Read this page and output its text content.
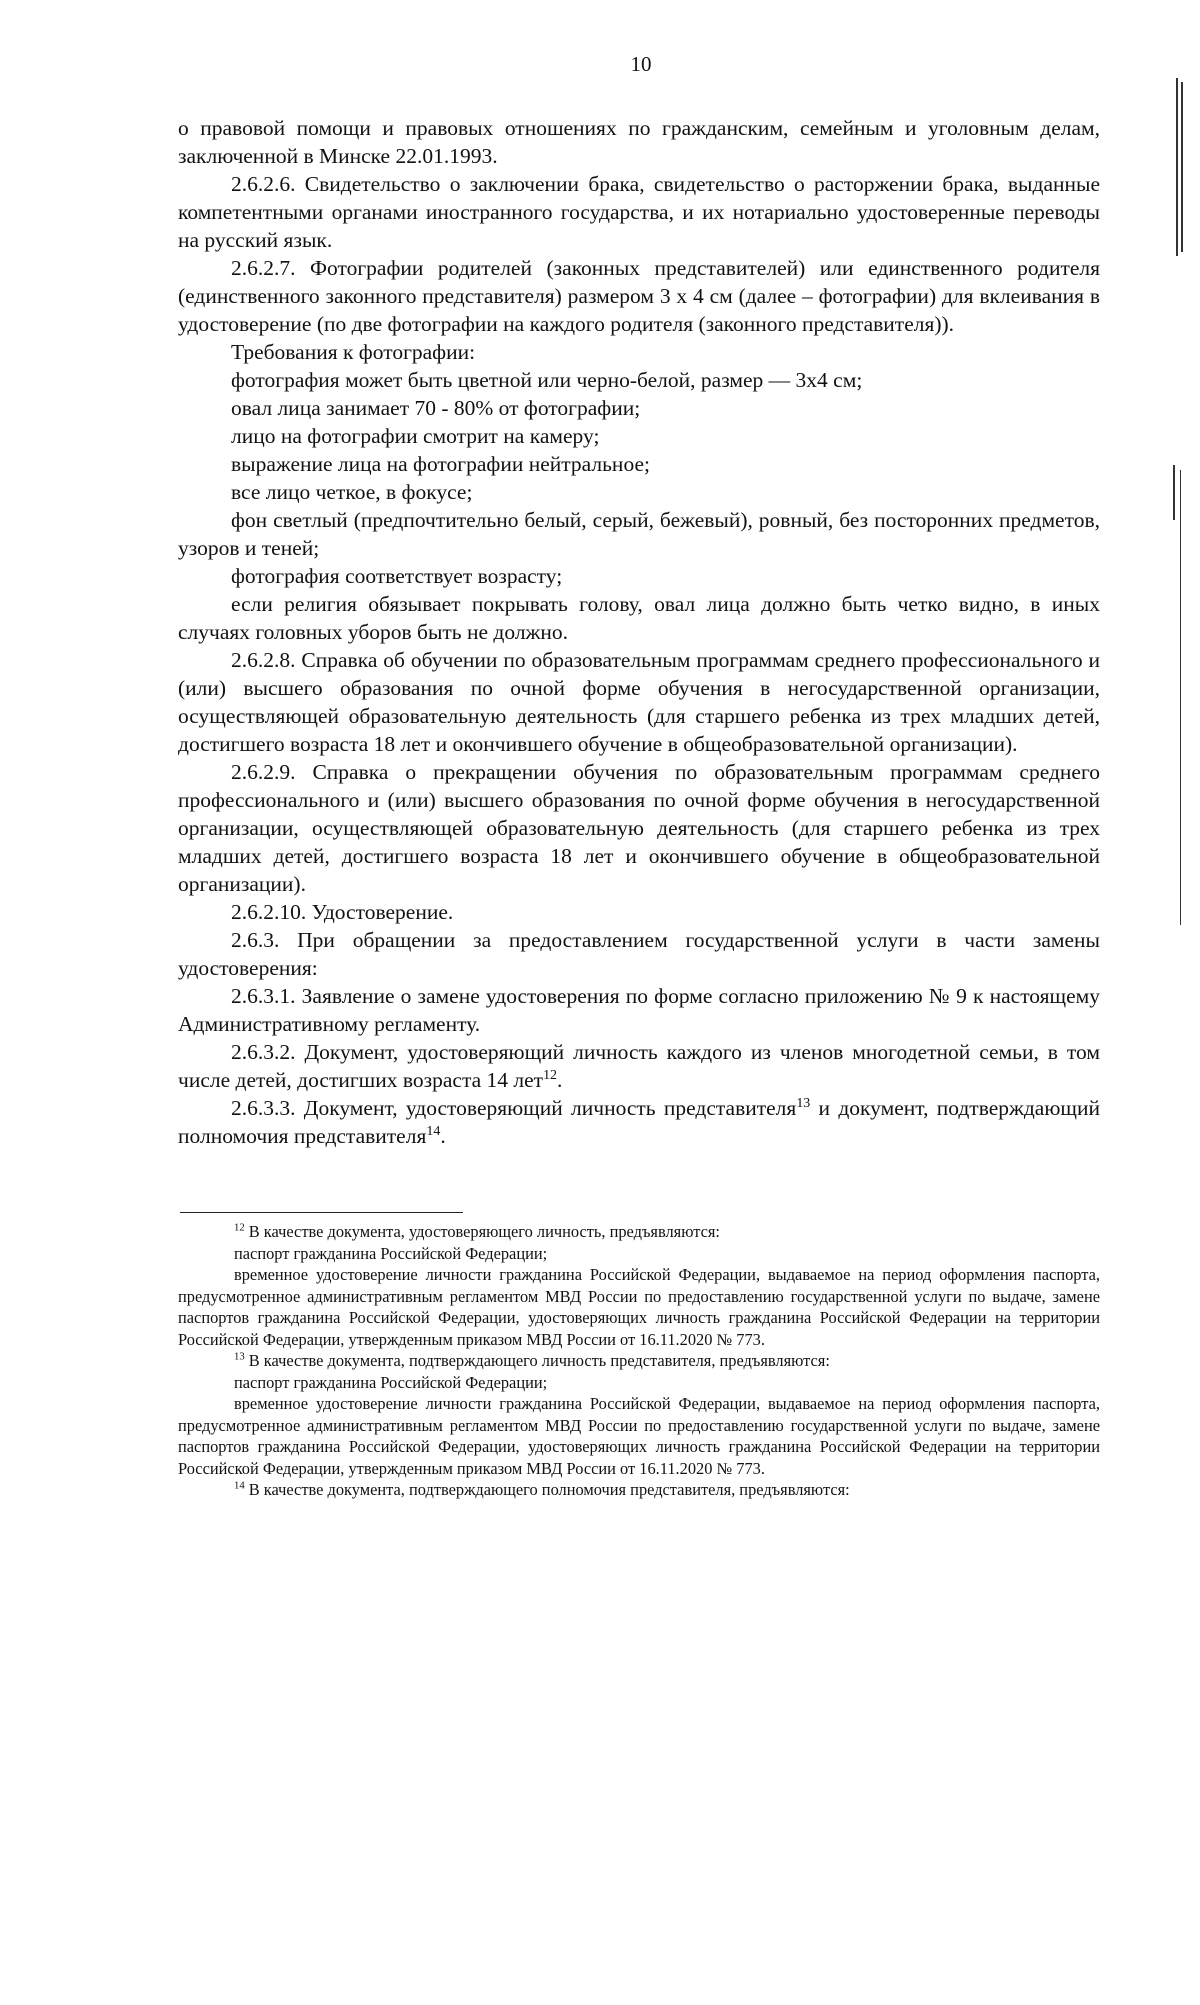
10

о правовой помощи и правовых отношениях по гражданским, семейным и уголовным делам, заключенной в Минске 22.01.1993.

2.6.2.6. Свидетельство о заключении брака, свидетельство о расторжении брака, выданные компетентными органами иностранного государства, и их нотариально удостоверенные переводы на русский язык.

2.6.2.7. Фотографии родителей (законных представителей) или единственного родителя (единственного законного представителя) размером 3 х 4 см (далее – фотографии) для вклеивания в удостоверение (по две фотографии на каждого родителя (законного представителя)).

Требования к фотографии:

фотография может быть цветной или черно-белой, размер — 3х4 см;

овал лица занимает 70 - 80% от фотографии;

лицо на фотографии смотрит на камеру;

выражение лица на фотографии нейтральное;

все лицо четкое, в фокусе;

фон светлый (предпочтительно белый, серый, бежевый), ровный, без посторонних предметов, узоров и теней;

фотография соответствует возрасту;

если религия обязывает покрывать голову, овал лица должно быть четко видно, в иных случаях головных уборов быть не должно.

2.6.2.8. Справка об обучении по образовательным программам среднего профессионального и (или) высшего образования по очной форме обучения в негосударственной организации, осуществляющей образовательную деятельность (для старшего ребенка из трех младших детей, достигшего возраста 18 лет и окончившего обучение в общеобразовательной организации).

2.6.2.9. Справка о прекращении обучения по образовательным программам среднего профессионального и (или) высшего образования по очной форме обучения в негосударственной организации, осуществляющей образовательную деятельность (для старшего ребенка из трех младших детей, достигшего возраста 18 лет и окончившего обучение в общеобразовательной организации).

2.6.2.10. Удостоверение.

2.6.3. При обращении за предоставлением государственной услуги в части замены удостоверения:

2.6.3.1. Заявление о замене удостоверения по форме согласно приложению № 9 к настоящему Административному регламенту.

2.6.3.2. Документ, удостоверяющий личность каждого из членов многодетной семьи, в том числе детей, достигших возраста 14 лет$^{12}$.

2.6.3.3. Документ, удостоверяющий личность представителя$^{13}$ и документ, подтверждающий полномочия представителя$^{14}$.

$^{12}$ В качестве документа, удостоверяющего личность, предъявляются:

паспорт гражданина Российской Федерации;

временное удостоверение личности гражданина Российской Федерации, выдаваемое на период оформления паспорта, предусмотренное административным регламентом МВД России по предоставлению государственной услуги по выдаче, замене паспортов гражданина Российской Федерации, удостоверяющих личность гражданина Российской Федерации на территории Российской Федерации, утвержденным приказом МВД России от 16.11.2020 № 773.

$^{13}$ В качестве документа, подтверждающего личность представителя, предъявляются:

паспорт гражданина Российской Федерации;

временное удостоверение личности гражданина Российской Федерации, выдаваемое на период оформления паспорта, предусмотренное административным регламентом МВД России по предоставлению государственной услуги по выдаче, замене паспортов гражданина Российской Федерации, удостоверяющих личность гражданина Российской Федерации на территории Российской Федерации, утвержденным приказом МВД России от 16.11.2020 № 773.

$^{14}$ В качестве документа, подтверждающего полномочия представителя, предъявляются:
